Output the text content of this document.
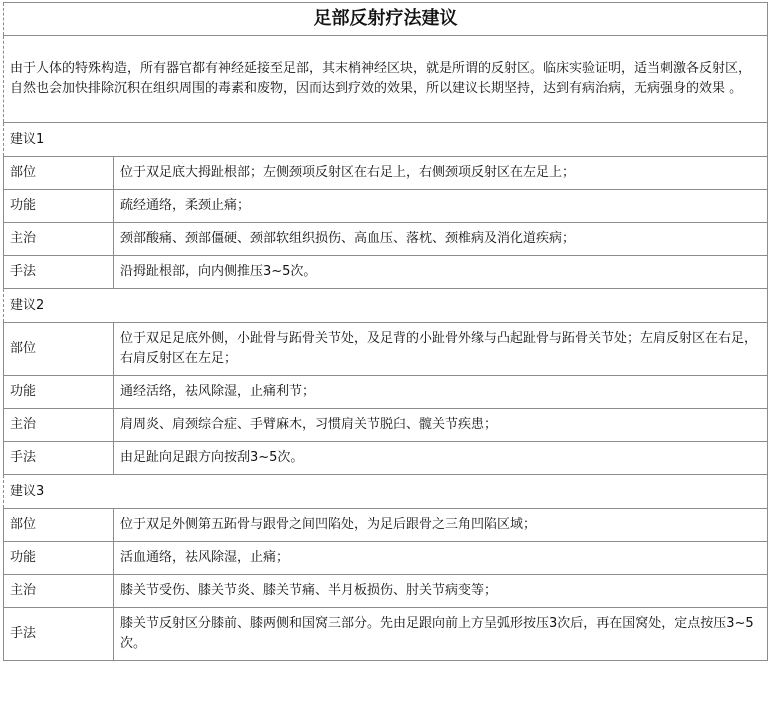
足部反射疗法建议	
由于人体的特殊构造，所有器官都有神经延接至足部，其末梢神经区块，就是所谓的反射区。临床实验证明，适当刺激各反射区，自然也会加快排除沉积在组织周围的毒素和废物，因而达到疗效的效果，所以建议长期坚持，达到有病治病，无病强身的效果 。	
建议1	
部位	位于双足底大拇趾根部；左侧颈项反射区在右足上，右侧颈项反射区在左足上；
功能	疏经通络，柔颈止痛；
主治	颈部酸痛、颈部僵硬、颈部软组织损伤、高血压、落枕、颈椎病及消化道疾病；
手法	沿拇趾根部，向内侧推压3~5次。
建议2	
部位	位于双足足底外侧，小趾骨与跖骨关节处，及足背的小趾骨外缘与凸起趾骨与跖骨关节处；左肩反射区在右足，右肩反射区在左足；
功能	通经活络，祛风除湿，止痛利节；
主治	肩周炎、肩颈综合症、手臂麻木，习惯肩关节脱臼、髋关节疾患；
手法	由足趾向足跟方向按刮3~5次。
建议3	
部位	位于双足外侧第五跖骨与跟骨之间凹陷处，为足后跟骨之三角凹陷区域；
功能	活血通络，祛风除湿，止痛；
主治	膝关节受伤、膝关节炎、膝关节痛、半月板损伤、肘关节病变等；
手法	膝关节反射区分膝前、膝两侧和国窝三部分。先由足跟向前上方呈弧形按压3次后，再在国窝处，定点按压3~5次。
